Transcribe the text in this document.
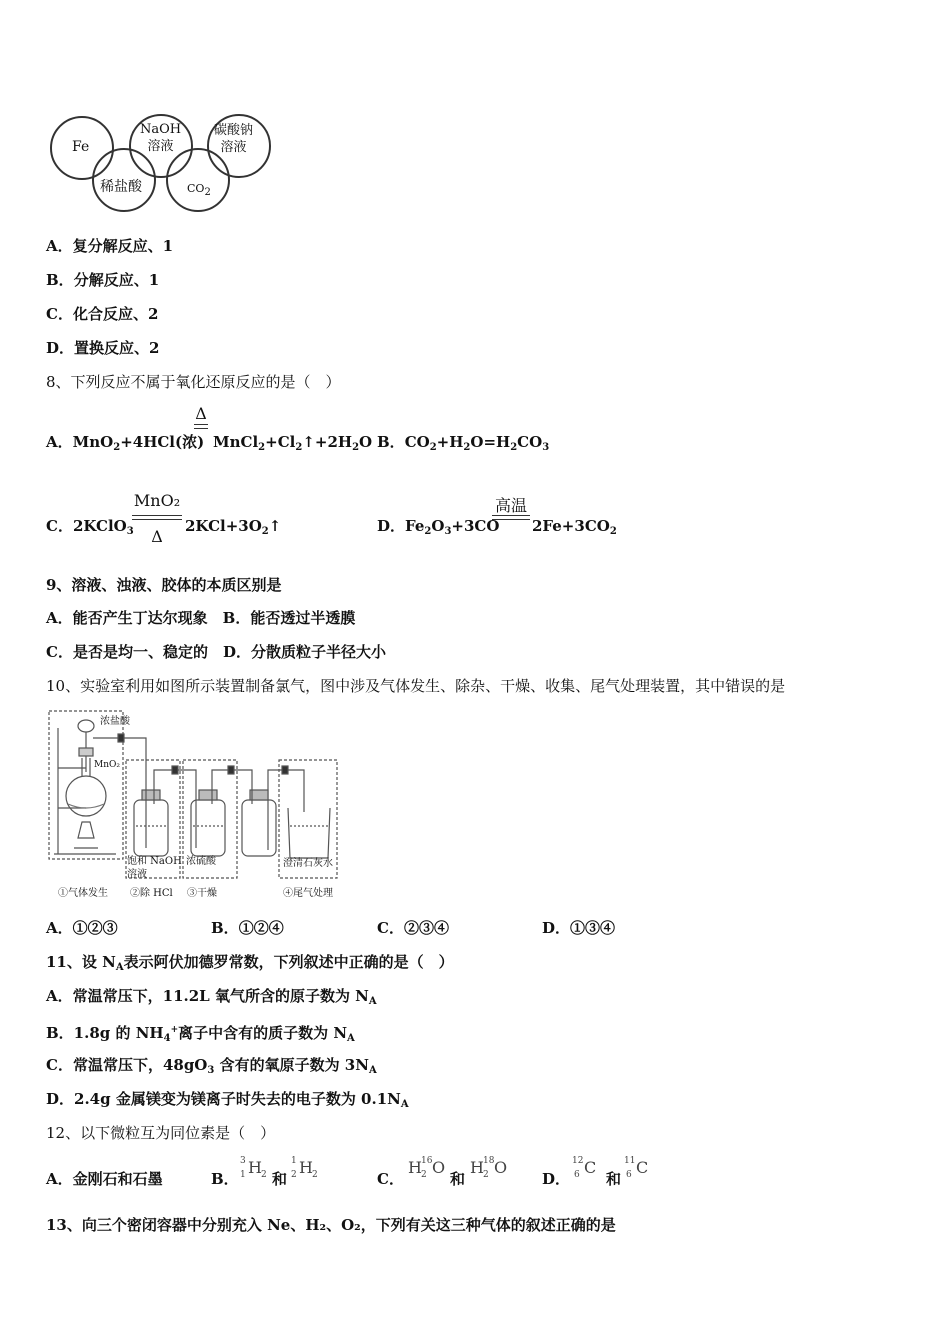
Fe
稀盐酸
NaOH
溶液
$CO_2$
碳酸钠
溶液
A．复分解反应、1
B．分解反应、1
C．化合反应、2
D．置换反应、2
8、下列反应不属于氧化还原反应的是（　）
A．MnO$_2$+4HCl(浓)
Δ
$MnCl_2+Cl_2↑+2H_2O$ B．$CO_2+H_2O=H_2CO_3$
C．2KClO$_3$
MnO₂
Δ
$2KCl+3O_2↑$	D．$Fe_2O_3+3CO$
高温
$2Fe+3CO_2$
9、溶液、浊液、胶体的本质区别是
A．能否产生丁达尔现象　B．能否透过半透膜
C．是否是均一、稳定的　D．分散质粒子半径大小
10、实验室利用如图所示装置制备氯气，图中涉及气体发生、除杂、干燥、收集、尾气处理装置，其中错误的是
浓盐酸
MnO₂
饱和 NaOH
溶液
浓硫酸	澄清石灰水
①气体发生 ②除 HCl ③干燥	④尾气处理
A．①②③	B．①②④	C．②③④	D．①③④
11、设 $N_A$表示阿伏加德罗常数，下列叙述中正确的是（　）
A．常温常压下，11.2L 氧气所含的原子数为 $N_A$
B．1.8g 的 $NH_4^+$离子中含有的质子数为 $N_A$
C．常温常压下，$48gO_3$ 含有的氧原子数为 $3N_A$
D．2.4g 金属镁变为镁离子时失去的电子数为 $0.1N_A$
12、以下微粒互为同位素是（　）
A．金刚石和石墨	B．
3
1 H 2
1
2 H 2
和	C．
H 2
16 O H 2
18 O
和	D．
12
6 C	11
6 C
和
13、向三个密闭容器中分别充入 Ne、H₂、O₂，下列有关这三种气体的叙述正确的是
